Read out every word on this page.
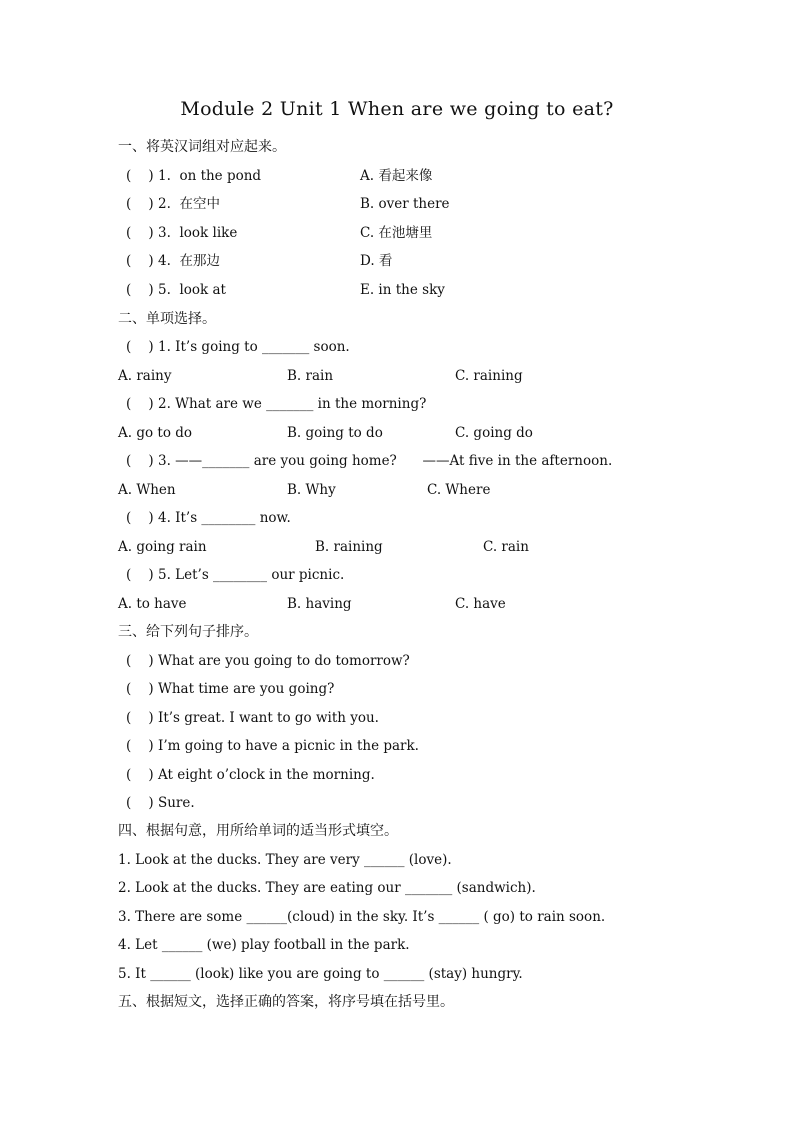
Module 2 Unit 1 When are we going to eat?
一、将英汉词组对应起来。
(    ) 1.  on the pond	A. 看起来像
(    ) 2.  在空中	B. over there
(    ) 3.  look like	C. 在池塘里
(    ) 4.  在那边	D. 看
(    ) 5.  look at	E. in the sky
二、单项选择。
(    ) 1. It’s going to _______ soon.
A. rainy	B. rain	C. raining
(    ) 2. What are we _______ in the morning?
A. go to do	B. going to do	C. going do
(    ) 3. ——_______ are you going home?      ——At five in the afternoon.
A. When	B. Why	C. Where
(    ) 4. It’s ________ now.
A. going rain	B. raining	C. rain
(    ) 5. Let’s ________ our picnic.
A. to have	B. having	C. have
三、给下列句子排序。
(    ) What are you going to do tomorrow?
(    ) What time are you going?
(    ) It’s great. I want to go with you.
(    ) I’m going to have a picnic in the park.
(    ) At eight o’clock in the morning.
(    ) Sure.
四、根据句意，用所给单词的适当形式填空。
1. Look at the ducks. They are very ______ (love).
2. Look at the ducks. They are eating our _______ (sandwich).
3. There are some ______(cloud) in the sky. It’s ______ ( go) to rain soon.
4. Let ______ (we) play football in the park.
5. It ______ (look) like you are going to ______ (stay) hungry.
五、根据短文，选择正确的答案，将序号填在括号里。
